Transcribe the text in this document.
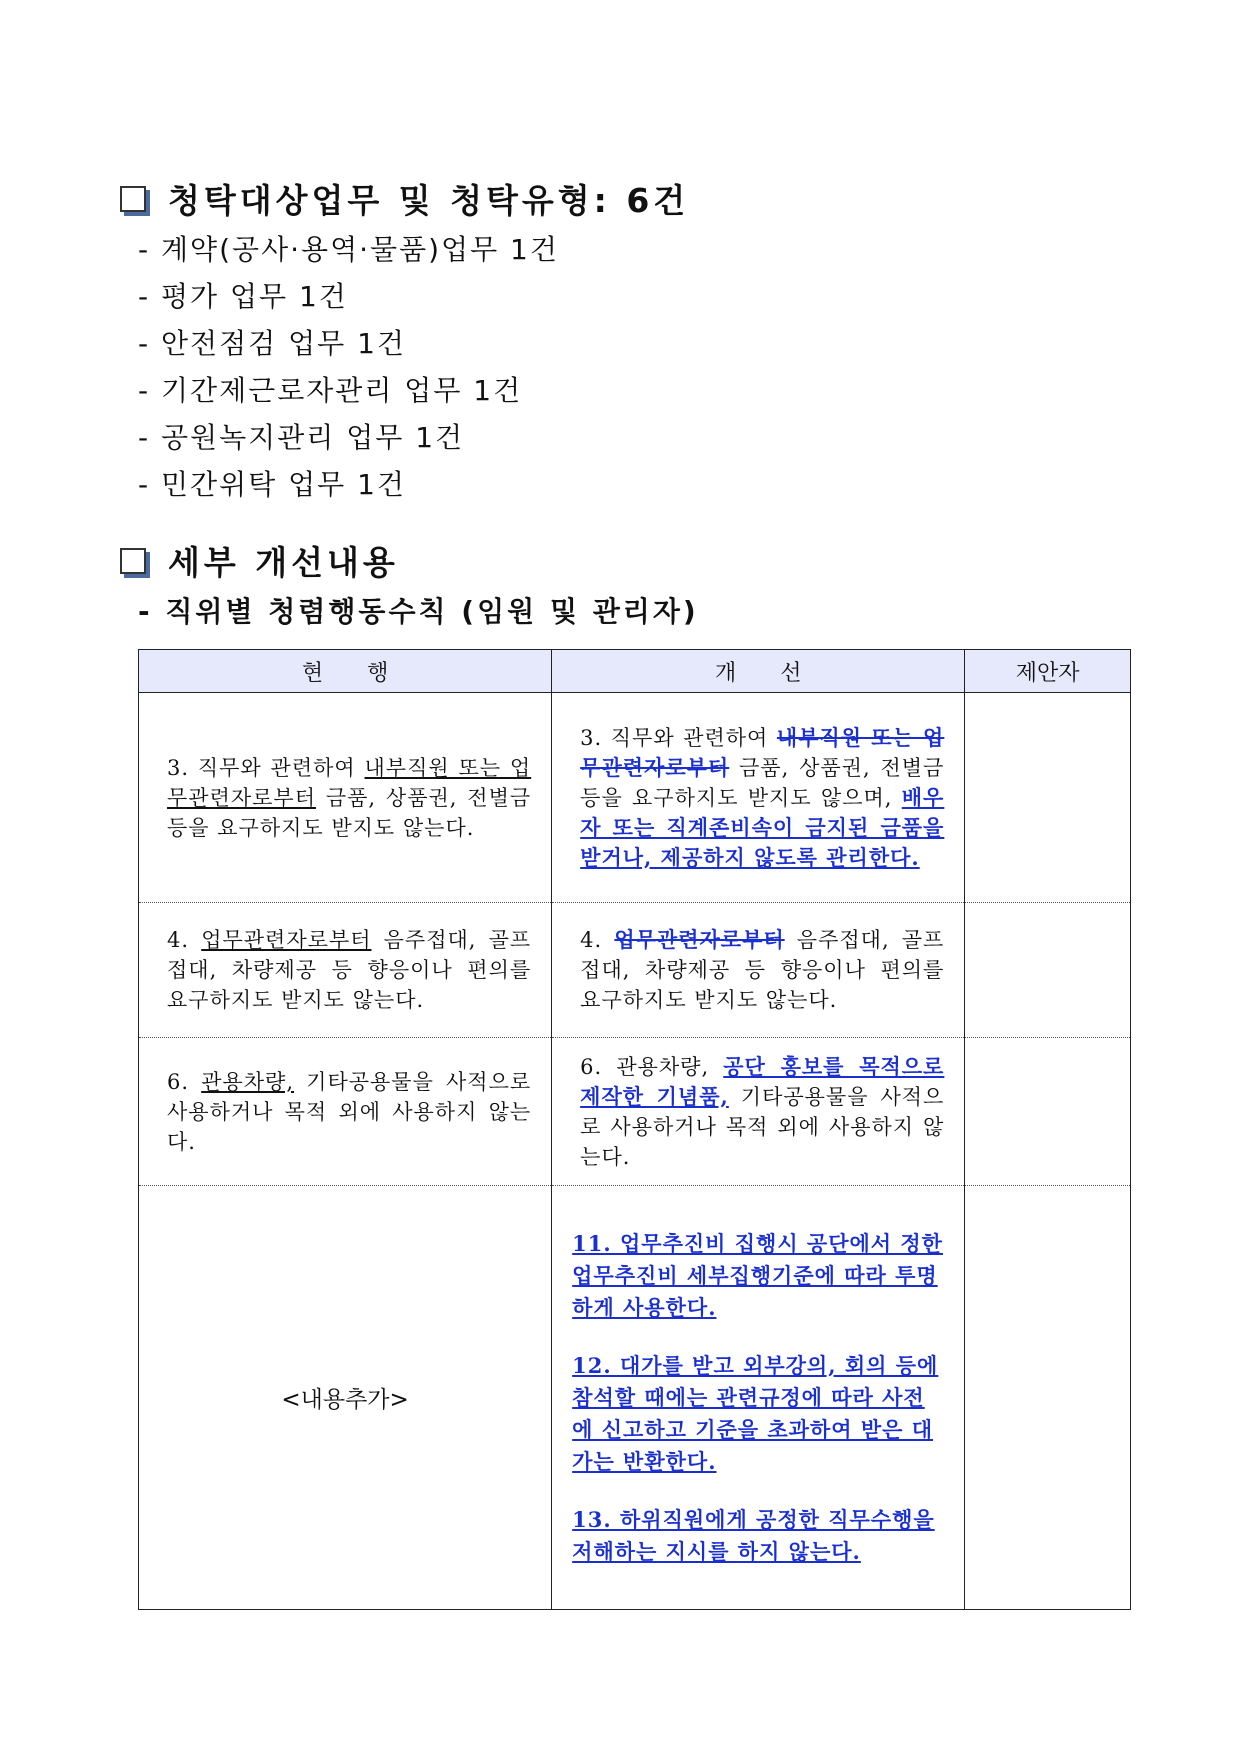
청탁대상업무 및 청탁유형: 6건
- 계약(공사·용역·물품)업무 1건
- 평가 업무 1건
- 안전점검 업무 1건
- 기간제근로자관리 업무 1건
- 공원녹지관리 업무 1건
- 민간위탁 업무 1건
세부 개선내용
- 직위별 청렴행동수칙 (임원 및 관리자)
현　　행	개　　선	제안자

3. 직무와 관련하여 내부직원 또는 업무관련자로부터 금품, 상품권, 전별금 등을 요구하지도 받지도 않는다.	3. 직무와 관련하여 내부직원 또는 업무관련자로부터 금품, 상품권, 전별금 등을 요구하지도 받지도 않으며, 배우자 또는 직계존비속이 금지된 금품을 받거나, 제공하지 않도록 관리한다.	

4. 업무관련자로부터 음주접대, 골프접대, 차량제공 등 향응이나 편의를 요구하지도 받지도 않는다.	4. 업무관련자로부터 음주접대, 골프접대, 차량제공 등 향응이나 편의를 요구하지도 받지도 않는다.	

6. 관용차량, 기타공용물을 사적으로 사용하거나 목적 외에 사용하지 않는다.	6. 관용차량, 공단 홍보를 목적으로 제작한 기념품, 기타공용물을 사적으로 사용하거나 목적 외에 사용하지 않는다.	

<내용추가>	11. 업무추진비 집행시 공단에서 정한 업무추진비 세부집행기준에 따라 투명하게 사용한다.
12. 대가를 받고 외부강의, 회의 등에 참석할 때에는 관련규정에 따라 사전에 신고하고 기준을 초과하여 받은 대가는 반환한다.
13. 하위직원에게 공정한 직무수행을 저해하는 지시를 하지 않는다.	
